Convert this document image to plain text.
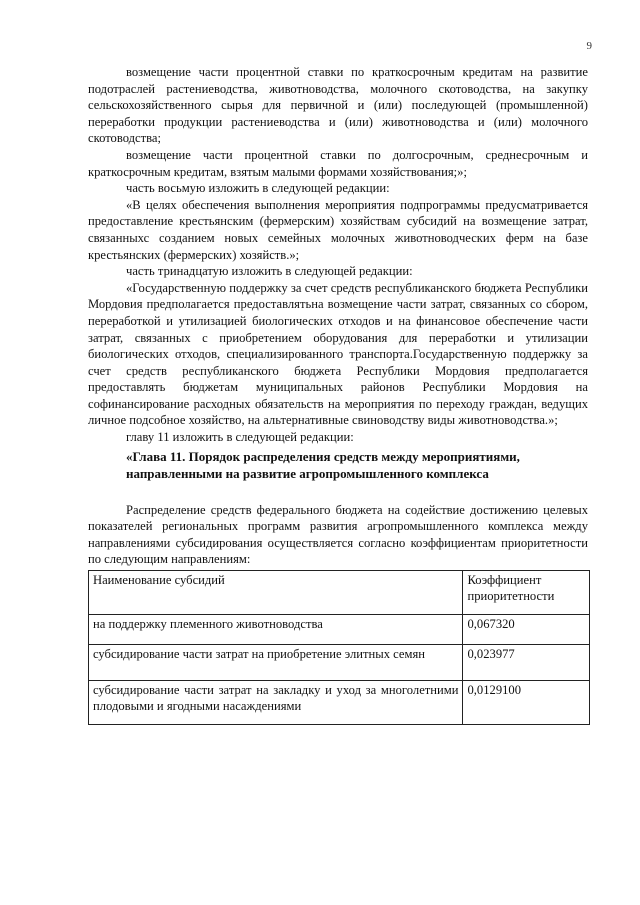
9

возмещение части процентной ставки по краткосрочным кредитам на развитие подотраслей растениеводства, животноводства, молочного скотоводства, на закупку сельскохозяйственного сырья для первичной и (или) последующей (промышленной) переработки продукции растениеводства и (или) животноводства и (или) молочного скотоводства;

возмещение части процентной ставки по долгосрочным, среднесрочным и краткосрочным кредитам, взятым малыми формами хозяйствования;»;

часть восьмую изложить в следующей редакции:

«В целях обеспечения выполнения мероприятия подпрограммы предусматривается предоставление крестьянским (фермерским) хозяйствам субсидий на возмещение затрат, связанныхс созданием новых семейных молочных животноводческих ферм на базе крестьянских (фермерских) хозяйств.»;

часть тринадцатую изложить в следующей редакции:

«Государственную поддержку за счет средств республиканского бюджета Республики Мордовия предполагается предоставлятьна возмещение части затрат, связанных со сбором, переработкой и утилизацией биологических отходов и на финансовое обеспечение части затрат, связанных с приобретением оборудования для переработки и утилизации биологических отходов, специализированного транспорта.Государственную поддержку за счет средств республиканского бюджета Республики Мордовия предполагается предоставлять бюджетам муниципальных районов Республики Мордовия на софинансирование расходных обязательств на мероприятия по переходу граждан, ведущих личное подсобное хозяйство, на альтернативные свиноводству виды животноводства.»;

главу 11 изложить в следующей редакции:

«Глава 11. Порядок распределения средств между мероприятиями, направленными на развитие агропромышленного комплекса

Распределение средств федерального бюджета на содействие достижению целевых показателей региональных программ развития агропромышленного комплекса между направлениями субсидирования осуществляется согласно коэффициентам приоритетности по следующим направлениям:

Наименование субсидий	Коэффициент приоритетности
на поддержку племенного животноводства	0,067320
субсидирование части затрат на приобретение элитных семян	0,023977
субсидирование части затрат на закладку и уход за многолетними плодовыми и ягодными насаждениями	0,0129100
